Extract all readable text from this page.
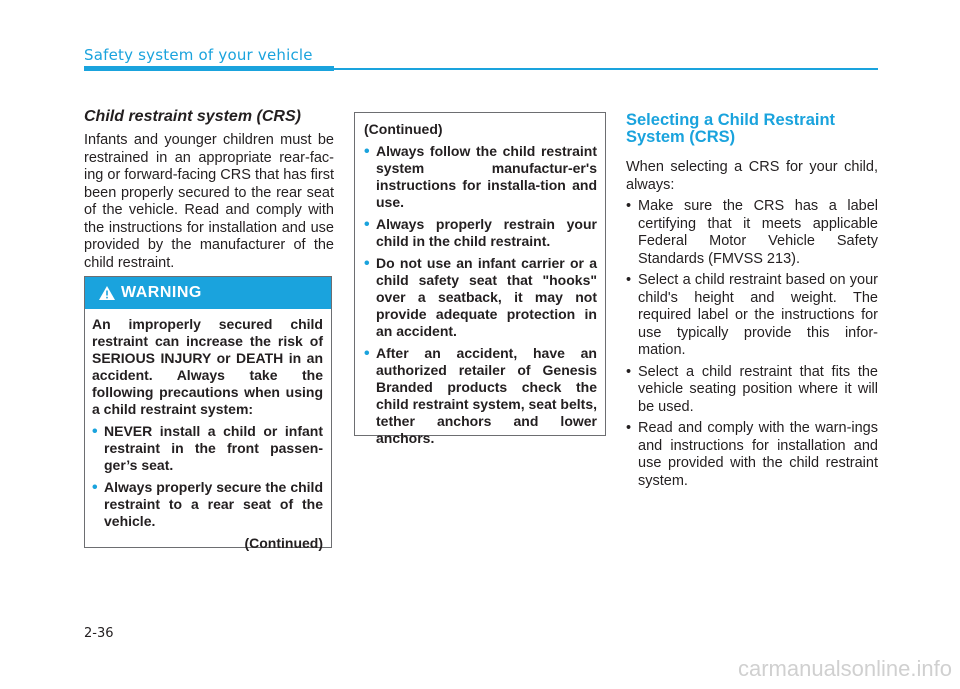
Safety system of your vehicle

Child restraint system (CRS)

Infants and younger children must be restrained in an appropriate rear-fac-ing or forward-facing CRS that has first been properly secured to the rear seat of the vehicle. Read and comply with the instructions for installation and use provided by the manufacturer of the child restraint.

WARNING

An improperly secured child restraint can increase the risk of SERIOUS INJURY or DEATH in an accident. Always take the following precautions when using a child restraint system:

• NEVER install a child or infant restraint in the front passen-ger’s seat.
• Always properly secure the child restraint to a rear seat of the vehicle.
(Continued)

(Continued)

• Always follow the child restraint system manufactur-er's instructions for installa-tion and use.
• Always properly restrain your child in the child restraint.
• Do not use an infant carrier or a child safety seat that "hooks" over a seatback, it may not provide adequate protection in an accident.
• After an accident, have an authorized retailer of Genesis Branded products check the child restraint system, seat belts, tether anchors and lower anchors.

Selecting a Child Restraint System (CRS)

When selecting a CRS for your child, always:

• Make sure the CRS has a label certifying that it meets applicable Federal Motor Vehicle Safety Standards (FMVSS 213).
• Select a child restraint based on your child's height and weight. The required label or the instructions for use typically provide this infor-mation.
• Select a child restraint that fits the vehicle seating position where it will be used.
• Read and comply with the warn-ings and instructions for installation and use provided with the child restraint system.
2-36
carmanualsonline.info
